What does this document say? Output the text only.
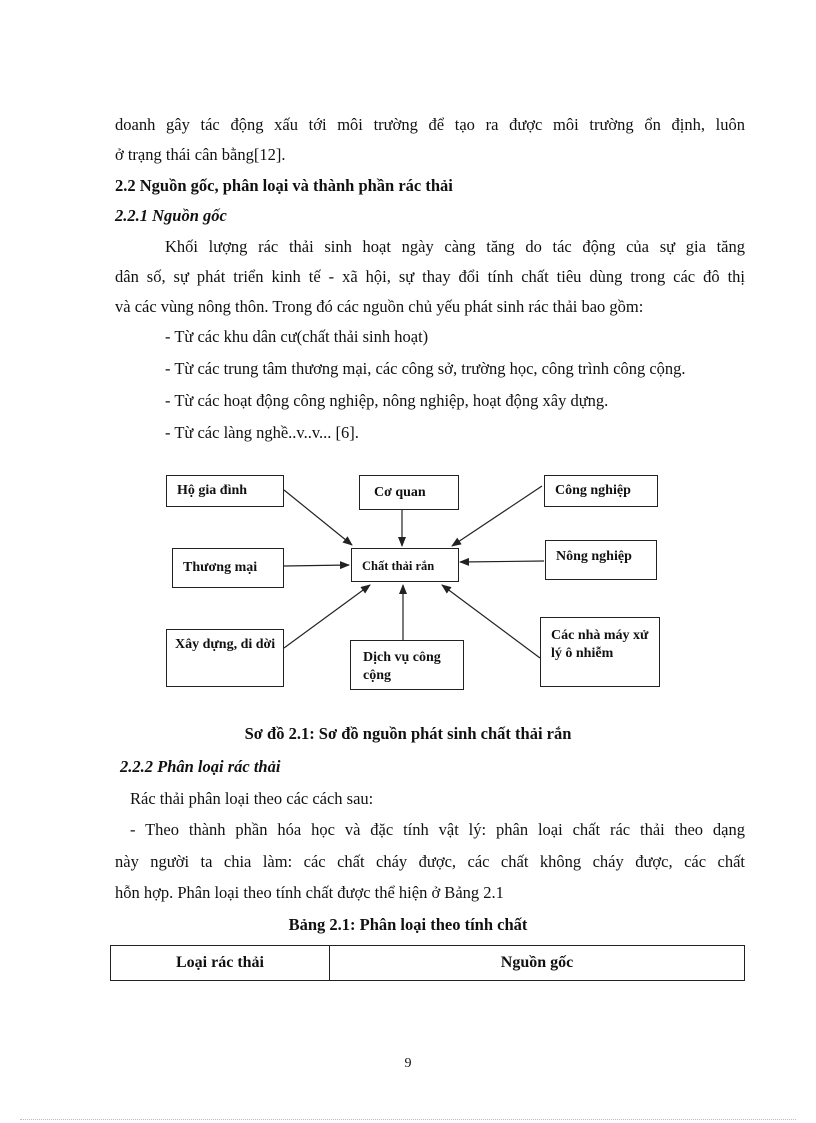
doanh gây tác động xấu tới môi trường để tạo ra được môi trường ổn định, luôn
ở trạng thái cân bằng[12].
2.2 Nguồn gốc, phân loại và thành phần rác thải
2.2.1 Nguồn gốc
Khối lượng rác thải sinh hoạt ngày càng tăng do tác động của sự gia tăng
dân số, sự phát triển kinh tế - xã hội, sự thay đổi tính chất tiêu dùng trong các đô thị
và các vùng nông thôn. Trong đó các nguồn chủ yếu phát sinh rác thải bao gồm:
- Từ các khu dân cư(chất thải sinh hoạt)
- Từ các trung tâm thương mại, các công sở, trường học, công trình công cộng.
- Từ các hoạt động công nghiệp, nông nghiệp, hoạt động xây dựng.
- Từ các làng nghề..v..v... [6].
Hộ gia đình	Cơ quan	Công nghiệp
Thương mại	Chất thải rắn
Nông nghiệp
Xây dựng, di dời
Dịch vụ công cộng
Các nhà máy xử lý ô nhiễm
Sơ đồ 2.1: Sơ đồ nguồn phát sinh chất thải rắn
2.2.2 Phân loại rác thải
Rác thải phân loại theo các cách sau:
- Theo thành phần hóa học và đặc tính vật lý: phân loại chất rác thải theo dạng
này người ta chia làm: các chất cháy được, các chất không cháy được, các chất
hỗn hợp. Phân loại theo tính chất được thể hiện ở Bảng 2.1
Bảng 2.1: Phân loại theo tính chất
Loại rác thải	Nguồn gốc
9
